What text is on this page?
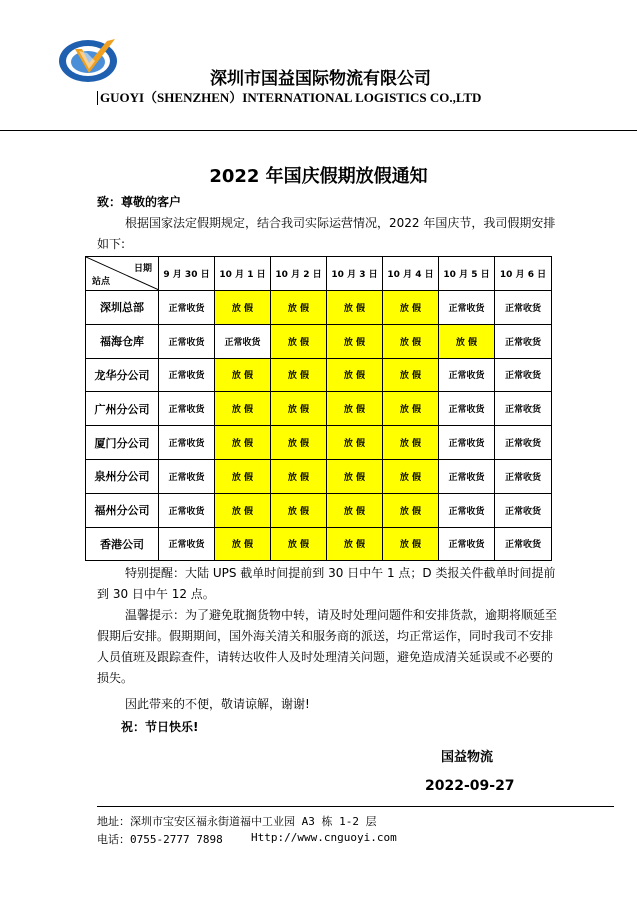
深圳市国益国际物流有限公司
GUOYI（SHENZHEN）INTERNATIONAL LOGISTICS CO.,LTD
2022 年国庆假期放假通知
致：尊敬的客户
根据国家法定假期规定，结合我司实际运营情况，2022 年国庆节，我司假期安排如下:
日期
站点	9 月 30 日	10 月 1 日	10 月 2 日	10 月 3 日	10 月 4 日	10 月 5 日	10 月 6 日
深圳总部	正常收货	放 假	放 假	放 假	放 假	正常收货	正常收货
福海仓库	正常收货	正常收货	放 假	放 假	放 假	放 假	正常收货
龙华分公司	正常收货	放 假	放 假	放 假	放 假	正常收货	正常收货
广州分公司	正常收货	放 假	放 假	放 假	放 假	正常收货	正常收货
厦门分公司	正常收货	放 假	放 假	放 假	放 假	正常收货	正常收货
泉州分公司	正常收货	放 假	放 假	放 假	放 假	正常收货	正常收货
福州分公司	正常收货	放 假	放 假	放 假	放 假	正常收货	正常收货
香港公司	正常收货	放 假	放 假	放 假	放 假	正常收货	正常收货
特别提醒：大陆 UPS 截单时间提前到 30 日中午 1 点；D 类报关件截单时间提前到 30 日中午 12 点。
温馨提示：为了避免耽搁货物中转，请及时处理问题件和安排货款，逾期将顺延至假期后安排。假期期间，国外海关清关和服务商的派送，均正常运作，同时我司不安排人员值班及跟踪查件，请转达收件人及时处理清关问题，避免造成清关延误或不必要的损失。
因此带来的不便，敬请谅解，谢谢!
祝：节日快乐!
国益物流
2022-09-27
地址：深圳市宝安区福永街道福中工业园 A3 栋 1-2 层
电话：0755-2777 7898	Http://www.cnguoyi.com
